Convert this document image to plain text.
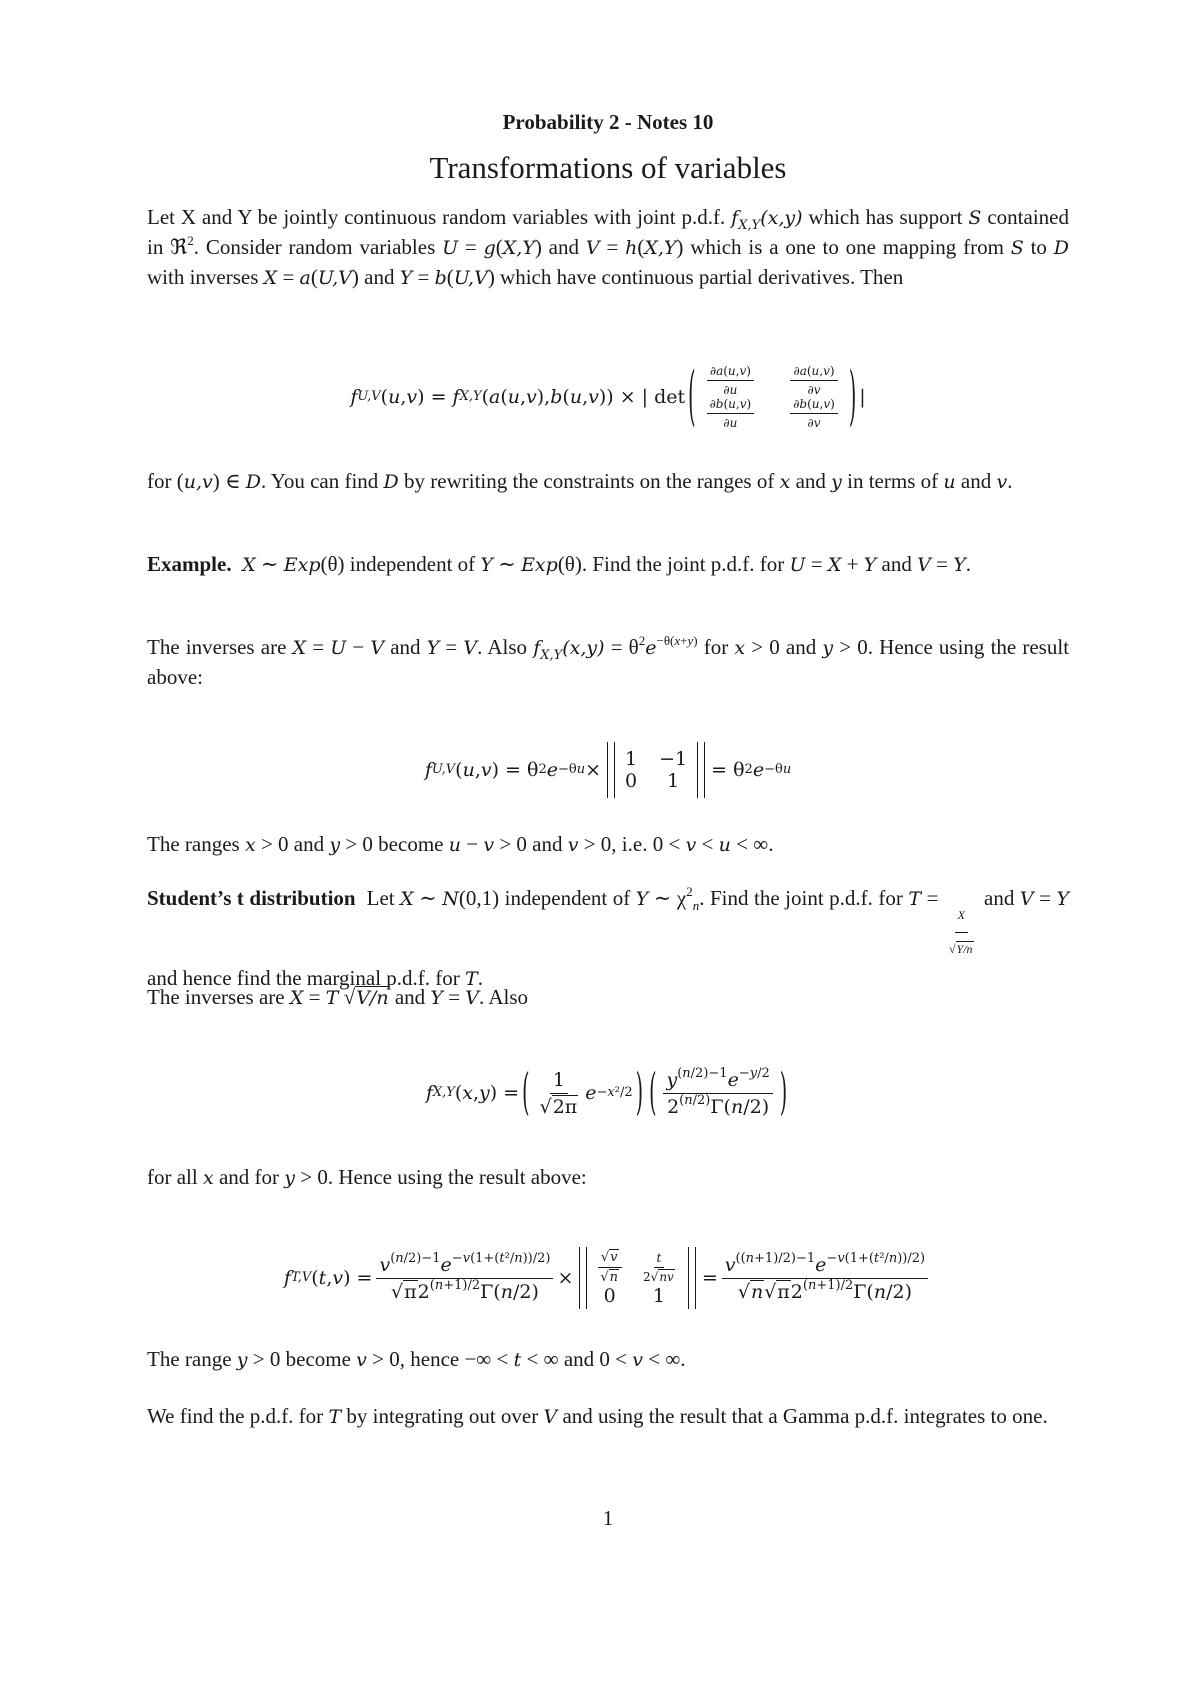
Probability 2 - Notes 10
Transformations of variables
Let X and Y be jointly continuous random variables with joint p.d.f. $f_{X,Y}(x,y)$ which has support S contained in ℜ$^2$. Consider random variables U = g(X,Y) and V = h(X,Y) which is a one to one mapping from S to D with inverses X = a(U,V) and Y = b(U,V) which have continuous partial derivatives. Then
f U,V ( u , v ) = f X,Y ( a ( u , v ), b ( u , v )) × | det ( $\frac{\partial a(u,v)}{\partial u}$	$\frac{\partial a(u,v)}{\partial v}$
$\frac{\partial b(u,v)}{\partial u}$	$\frac{\partial b(u,v)}{\partial v}$ ) |
for (u,v) ∈ D. You can find D by rewriting the constraints on the ranges of x and y in terms of u and v.
Example. X ∼ Exp(θ) independent of Y ∼ Exp(θ). Find the joint p.d.f. for U = X + Y and V = Y.
The inverses are X = U − V and Y = V. Also $f_{X,Y}(x,y) = \theta^2e^{-\theta(x+y)}$ for x > 0 and y > 0. Hence using the result above:
f U,V ( u , v ) = θ 2 e −θu × 1 −1
0 1 = θ 2 e −θu
The ranges x > 0 and y > 0 become u − v > 0 and v > 0, i.e. 0 < v < u < ∞.
Student’s t distribution  Let X ∼ N(0,1) independent of Y ∼ $\chi^2_n$. Find the joint p.d.f. for T =
$\frac{X}{√Y/n}$
and V = Y and hence find the marginal p.d.f. for T.
The inverses are X = T √V/n and Y = V. Also
f X,Y ( x , y ) = ( $\frac{1}{√2\pi}$ e −x²/2 ) ( $\frac{y^{(n/2)-1}e^{-y/2}}{2^{(n/2)}\Gamma(n/2)}$ )
for all x and for y > 0. Hence using the result above:
f T,V ( t , v ) = $\frac{v^{(n/2)-1}e^{-v(1+(t^2/n))/2)}}{√\pi 2^{(n+1)/2}\Gamma(n/2)} \times \frac{√v}{√n} \frac{t}{2√nv}$
0 1
= $\frac{v^{((n+1)/2)-1}e^{-v(1+(t^2/n))/2)}}{√n√\pi 2^{(n+1)/2}\Gamma(n/2)}$
The range y > 0 become v > 0, hence −∞ < t < ∞ and 0 < v < ∞.
We find the p.d.f. for T by integrating out over V and using the result that a Gamma p.d.f. integrates to one.
1
